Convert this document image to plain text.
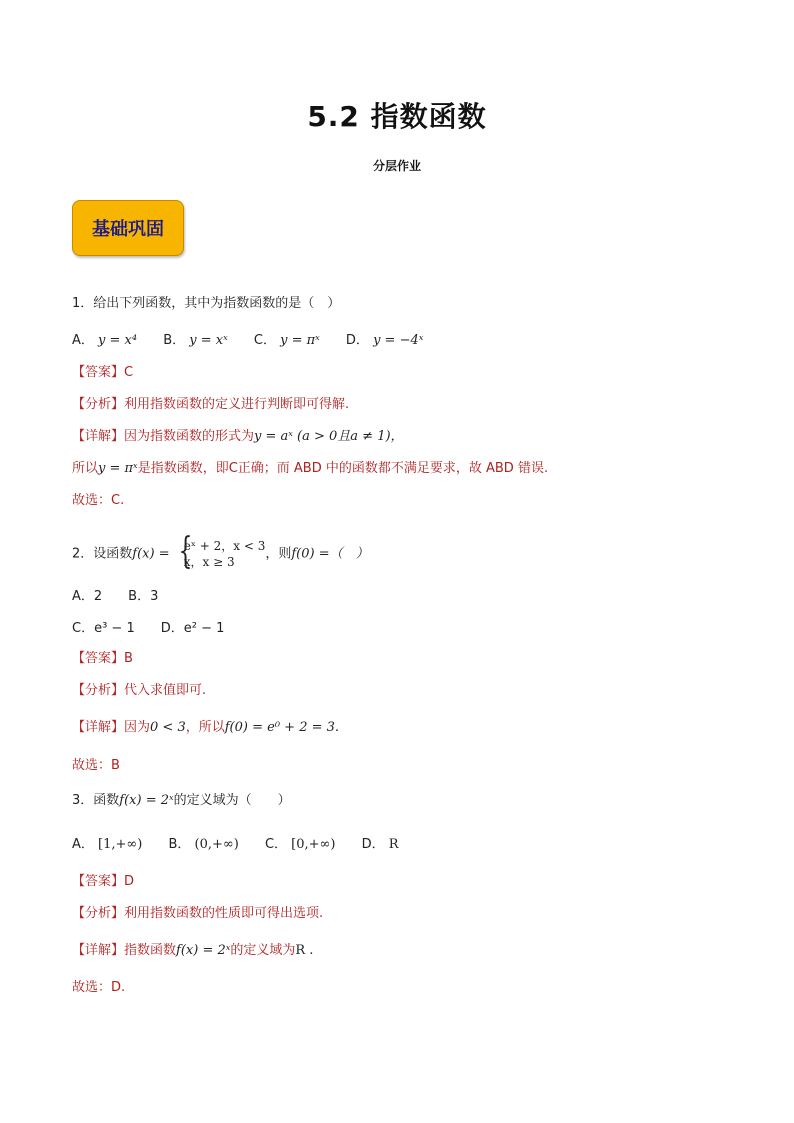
5.2 指数函数
分层作业
基础巩固
1．给出下列函数，其中为指数函数的是（　）
A． y = x⁴ B． y = xˣ C． y = πˣ D． y = −4ˣ
【答案】C
【分析】利用指数函数的定义进行判断即可得解.
【详解】因为指数函数的形式为y = aˣ (a > 0且a ≠ 1)，
所以y = πˣ是指数函数，即C正确；而 ABD 中的函数都不满足要求，故 ABD 错误.
故选：C.
2．设函数f(x) = {
eˣ + 2，x < 3
x，x ≥ 3
，则f(0) =（　）
A．2　　B．3
C．e³ − 1　　D．e² − 1
【答案】B
【分析】代入求值即可.
【详解】因为0 < 3，所以f(0) = e⁰ + 2 = 3.
故选：B
3．函数f(x) = 2ˣ的定义域为（　　）
A． [1,+∞) B． (0,+∞) C． [0,+∞) D． R
【答案】D
【分析】利用指数函数的性质即可得出选项.
【详解】指数函数f(x) = 2ˣ的定义域为R .
故选：D.
